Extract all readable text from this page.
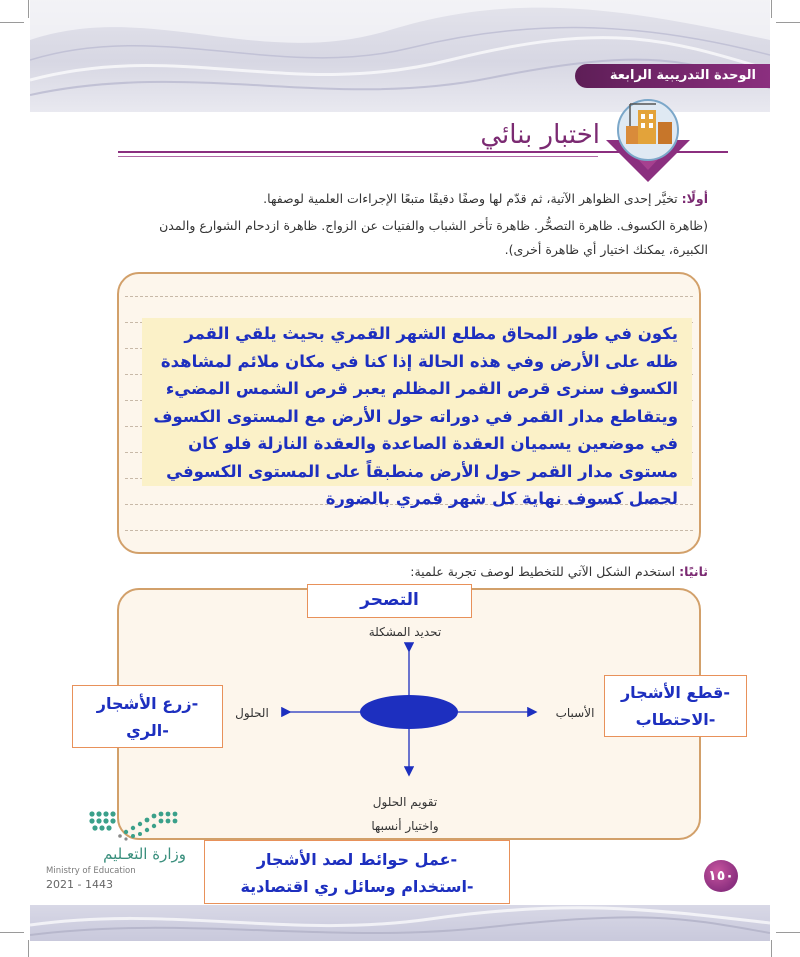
الوحدة التدريبية الرابعة
اختبار بنائي
أولًا: تخيَّر إحدى الظواهر الآتية، ثم قدّم لها وصفًا دقيقًا متبعًا الإجراءات العلمية لوصفها.
(ظاهرة الكسوف. ظاهرة التصحُّر. ظاهرة تأخر الشباب والفتيات عن الزواج. ظاهرة ازدحام الشوارع والمدن
الكبيرة، يمكنك اختيار أي ظاهرة أخرى).
يكون في طور المحاق مطلع الشهر القمري بحيث يلقي القمر ظله على الأرض وفي هذه الحالة إذا كنا في مكان ملائم لمشاهدة الكسوف سنرى قرص القمر المظلم يعبر قرص الشمس المضيء ويتقاطع مدار القمر في دوراته حول الأرض مع المستوى الكسوف في موضعين يسميان العقدة الصاعدة والعقدة النازلة فلو كان مستوى مدار القمر حول الأرض منطبقاً على المستوى الكسوفي لحصل كسوف نهاية كل شهر قمري بالضورة
ثانيًا: استخدم الشكل الآتي للتخطيط لوصف تجربة علمية:
تحديد المشكلة
الأسباب
الحلول
تقويم الحلول
واختيار أنسبها
التصحر
-قطع الأشجار
-الاحتطاب
-زرع الأشجار
-الري
-عمل حوائط لصد الأشجار
-استخدام وسائل ري اقتصادية
وزارة التعـليم
Ministry of Education
2021 - 1443
١٥٠
